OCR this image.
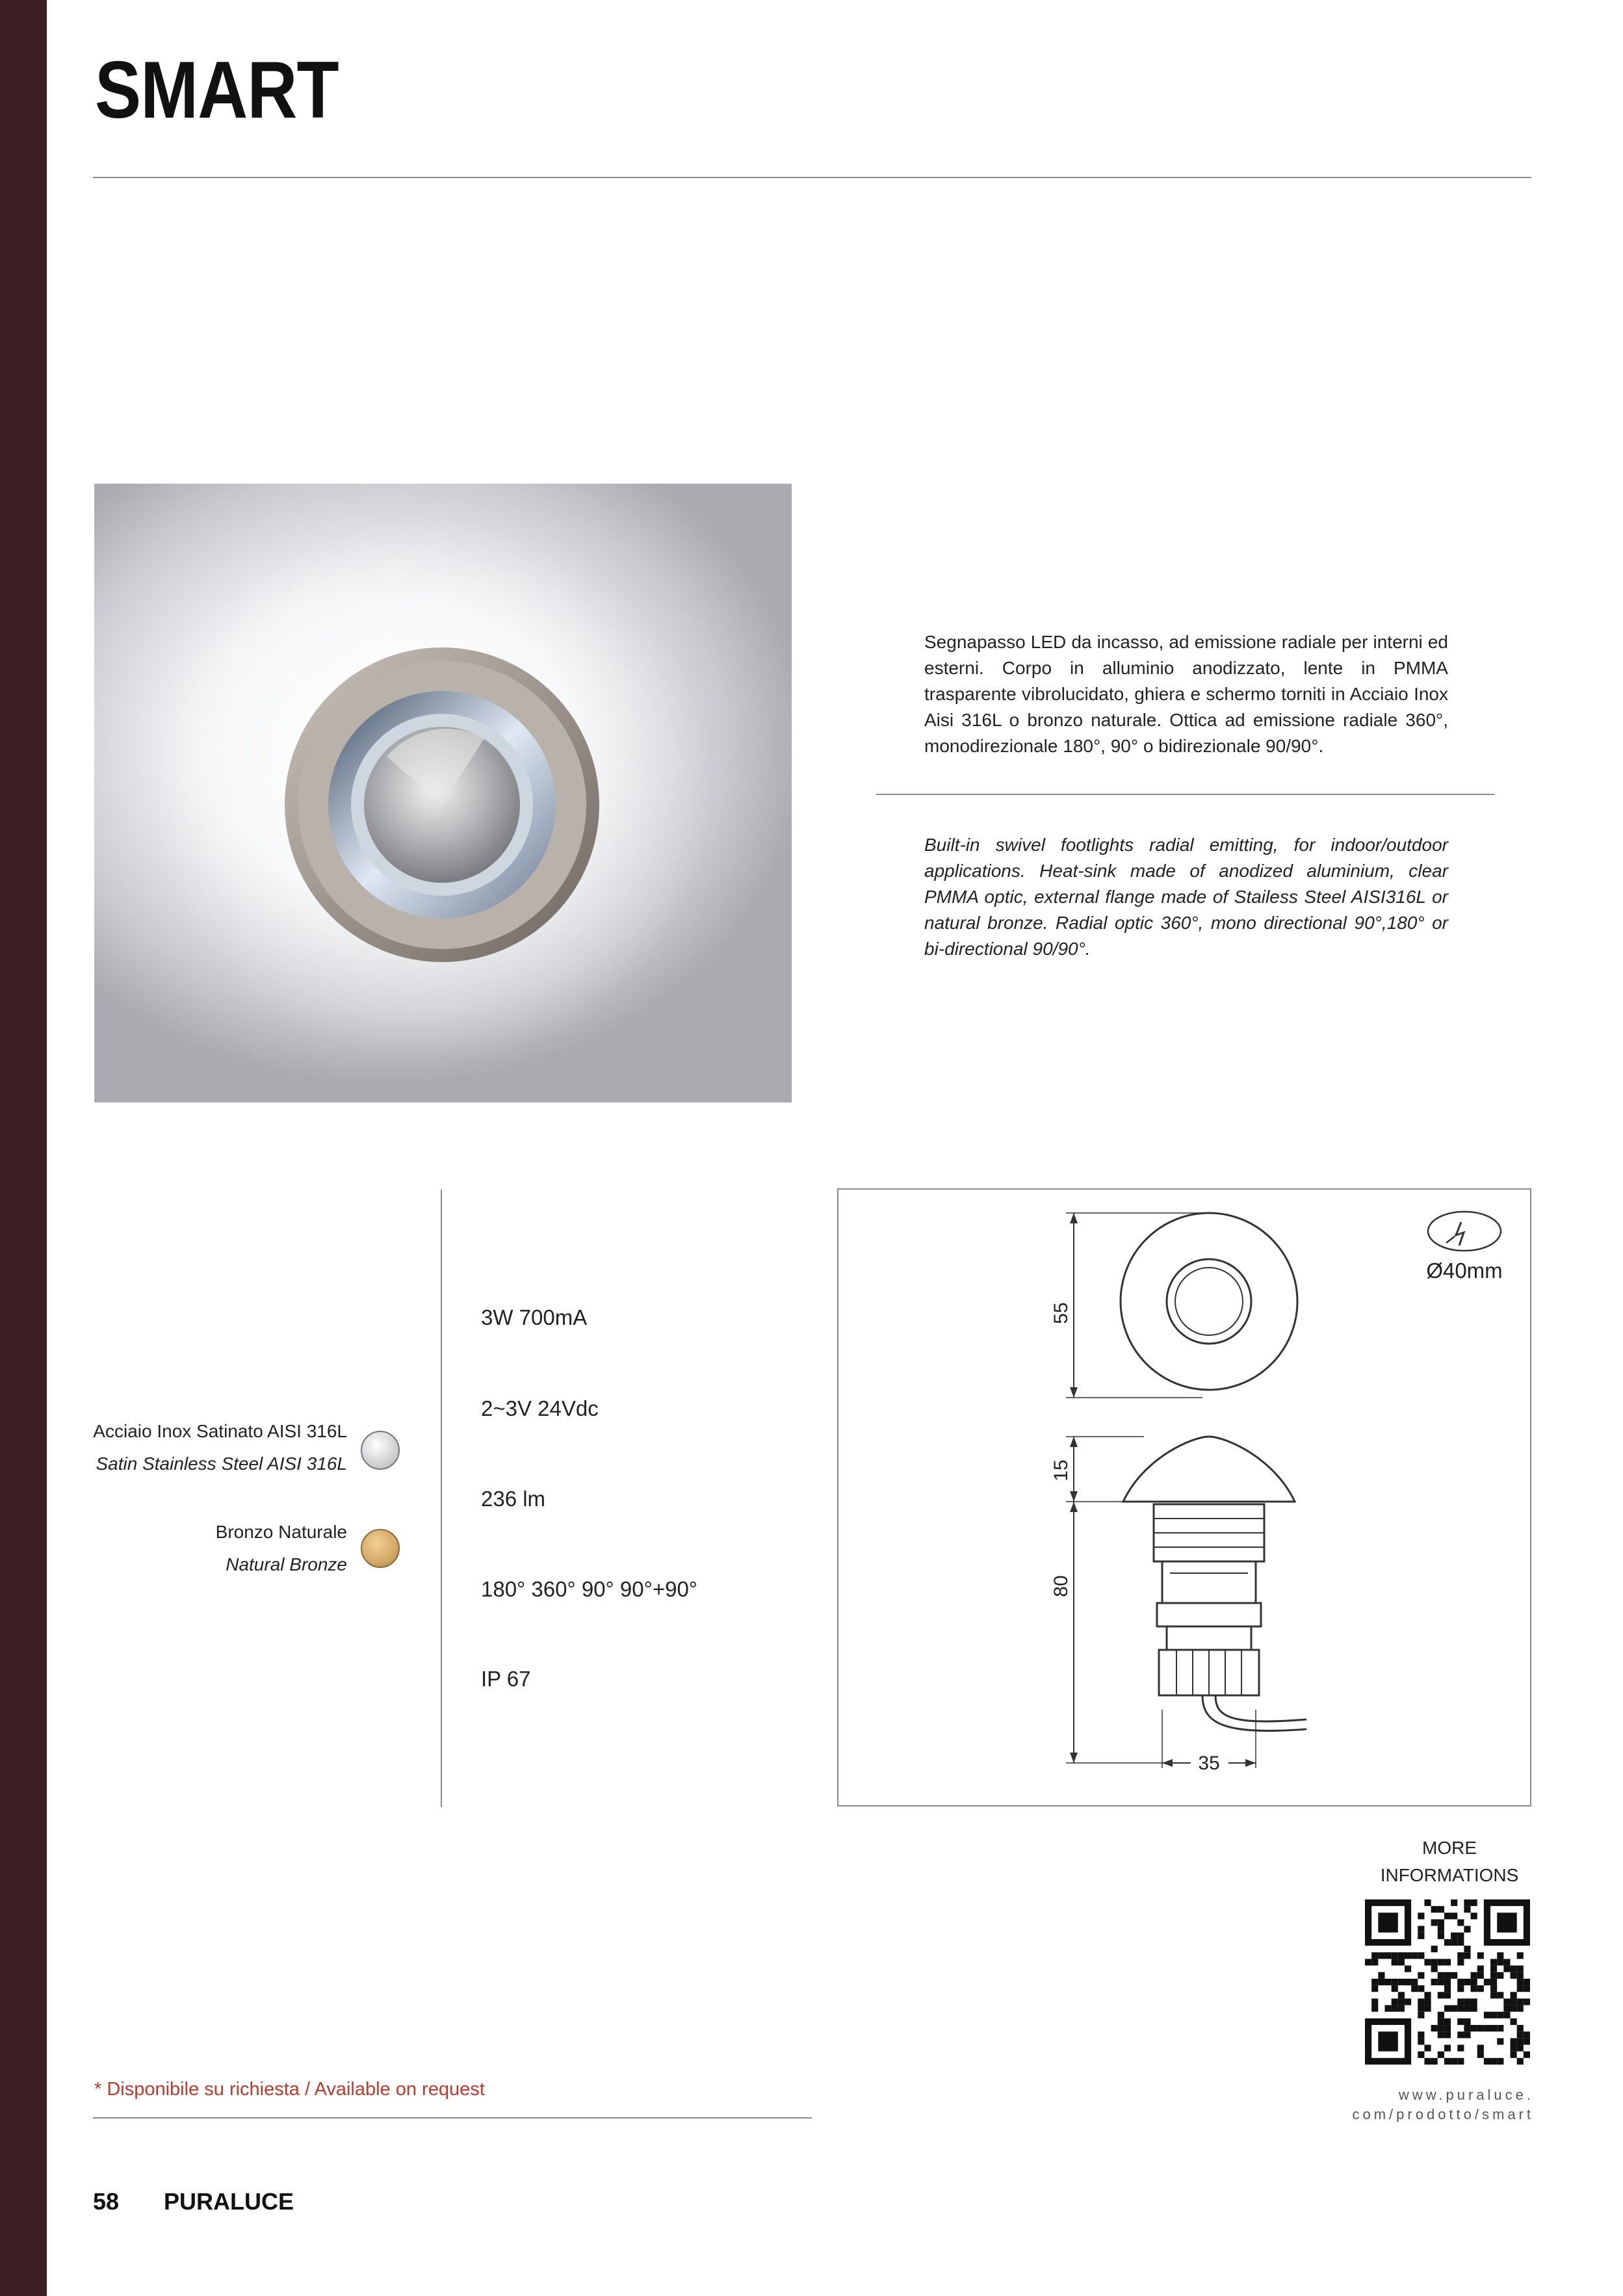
SMART
Segnapasso LED da incasso, ad emissione radiale per interni ed esterni. Corpo in alluminio anodizzato, lente in PMMA trasparente vibrolucidato, ghiera e schermo torniti in Acciaio Inox Aisi 316L o bronzo naturale. Ottica ad emissione radiale 360°, monodirezionale 180°, 90° o bidirezionale 90/90°.
Built-in swivel footlights radial emitting, for indoor/outdoor applications. Heat-sink made of anodized aluminium, clear PMMA optic, external flange made of Stailess Steel AISI316L or natural bronze. Radial optic 360°, mono directional 90°,180° or bi-directional 90/90°.
Acciaio Inox Satinato AISI 316L
Satin Stainless Steel AISI 316L
Bronzo Naturale
Natural Bronze
3W 700mA
2~3V 24Vdc
236 lm
180° 360° 90° 90°+90°
IP 67
55
15
80
35
Ø40mm
MORE
INFORMATIONS
www.puraluce.
com/prodotto/smart
* Disponibile su richiesta / Available on request
58 PURALUCE
